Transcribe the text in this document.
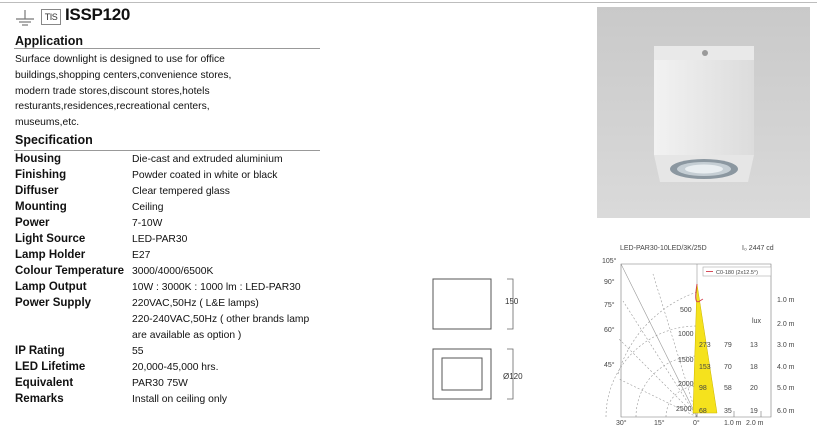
TIS ISSP120
Application
Surface downlight is designed to use for office
buildings,shopping centers,convenience stores,
modern trade stores,discount stores,hotels
resturants,residences,recreational centers,
museums,etc.
Specification
Housing	Die-cast and extruded aluminium
Finishing	Powder coated in white or black
Diffuser	Clear tempered glass
Mounting	Ceiling
Power	7-10W
Light Source	LED-PAR30
Lamp Holder	E27
Colour Temperature 3000/4000/6500K
Lamp Output	10W : 3000K : 1000 lm : LED-PAR30
Power Supply	220VAC,50Hz ( L&E lamps)
220-240VAC,50Hz ( other brands lamp
are available as option )
IP Rating	55
LED Lifetime	20,000-45,000 hrs.
Equivalent	PAR30 75W
Remarks	Install on ceiling only
150
Ø120
LED-PAR30-10LED/3K/25D	I₀ 2447 cd
C0-180 (2x12.5°)
105°
90°
75°
60°
45°
30°	15°	0°
500
1000
1500
2000
2500
lux
1.0 m
2.0 m
3.0 m
273 79	13
4.0 m
153 70	18
5.0 m
98 58	20
6.0 m
68 35	19
1.0 m 2.0 m
